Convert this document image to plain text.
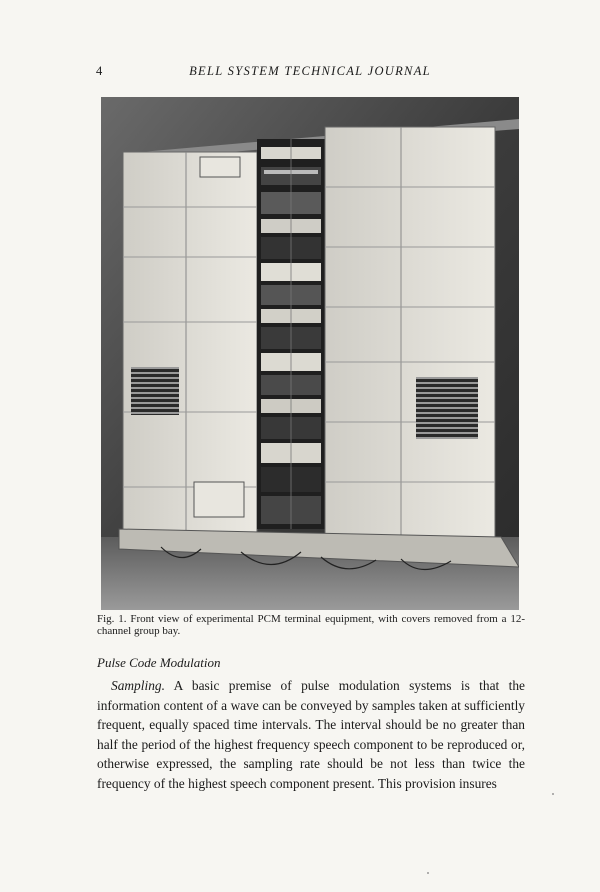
4	BELL SYSTEM TECHNICAL JOURNAL
Fig. 1. Front view of experimental PCM terminal equipment, with covers removed from a 12-channel group bay.
Pulse Code Modulation

Sampling. A basic premise of pulse modulation systems is that the information content of a wave can be conveyed by samples taken at sufficiently frequent, equally spaced time intervals. The interval should be no greater than half the period of the highest frequency speech component to be reproduced or, otherwise expressed, the sampling rate should be not less than twice the frequency of the highest speech component present. This provision insures
